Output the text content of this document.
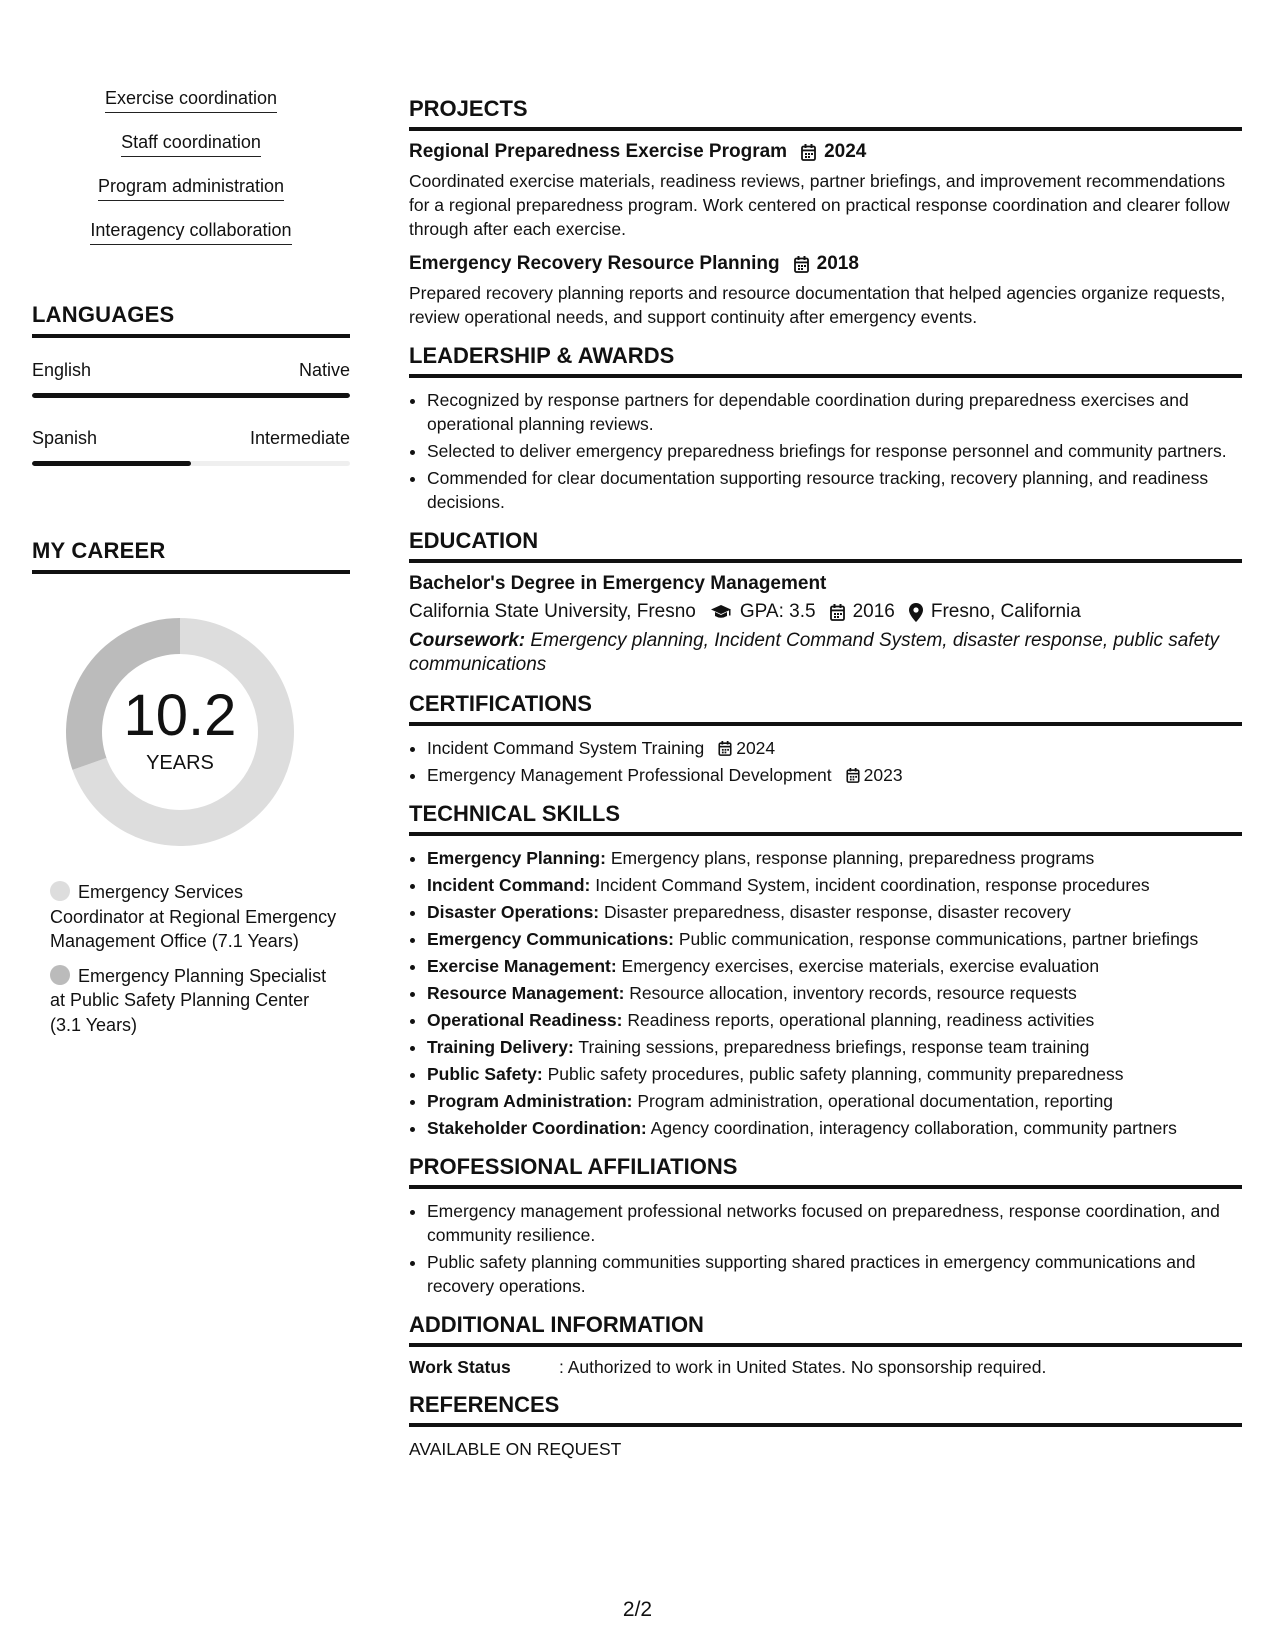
Exercise coordination
Staff coordination
Program administration
Interagency collaboration
LANGUAGES
English	Native
Spanish	Intermediate
MY CAREER
10.2
YEARS
Emergency Services Coordinator at Regional Emergency Management Office (7.1 Years)
Emergency Planning Specialist at Public Safety Planning Center (3.1 Years)
PROJECTS
Regional Preparedness Exercise Program 2024
Coordinated exercise materials, readiness reviews, partner briefings, and improvement recommendations for a regional preparedness program. Work centered on practical response coordination and clearer follow through after each exercise.
Emergency Recovery Resource Planning 2018
Prepared recovery planning reports and resource documentation that helped agencies organize requests, review operational needs, and support continuity after emergency events.
LEADERSHIP & AWARDS
• Recognized by response partners for dependable coordination during preparedness exercises and operational planning reviews.
• Selected to deliver emergency preparedness briefings for response personnel and community partners.
• Commended for clear documentation supporting resource tracking, recovery planning, and readiness decisions.
EDUCATION
Bachelor's Degree in Emergency Management
California State University, Fresno GPA: 3.5 2016 Fresno, California
Coursework: Emergency planning, Incident Command System, disaster response, public safety communications
CERTIFICATIONS
• Incident Command System Training 2024
• Emergency Management Professional Development 2023
TECHNICAL SKILLS
• Emergency Planning: Emergency plans, response planning, preparedness programs
• Incident Command: Incident Command System, incident coordination, response procedures
• Disaster Operations: Disaster preparedness, disaster response, disaster recovery
• Emergency Communications: Public communication, response communications, partner briefings
• Exercise Management: Emergency exercises, exercise materials, exercise evaluation
• Resource Management: Resource allocation, inventory records, resource requests
• Operational Readiness: Readiness reports, operational planning, readiness activities
• Training Delivery: Training sessions, preparedness briefings, response team training
• Public Safety: Public safety procedures, public safety planning, community preparedness
• Program Administration: Program administration, operational documentation, reporting
• Stakeholder Coordination: Agency coordination, interagency collaboration, community partners
PROFESSIONAL AFFILIATIONS
• Emergency management professional networks focused on preparedness, response coordination, and community resilience.
• Public safety planning communities supporting shared practices in emergency communications and recovery operations.
ADDITIONAL INFORMATION
Work Status	: Authorized to work in United States. No sponsorship required.
REFERENCES
AVAILABLE ON REQUEST
2/2
